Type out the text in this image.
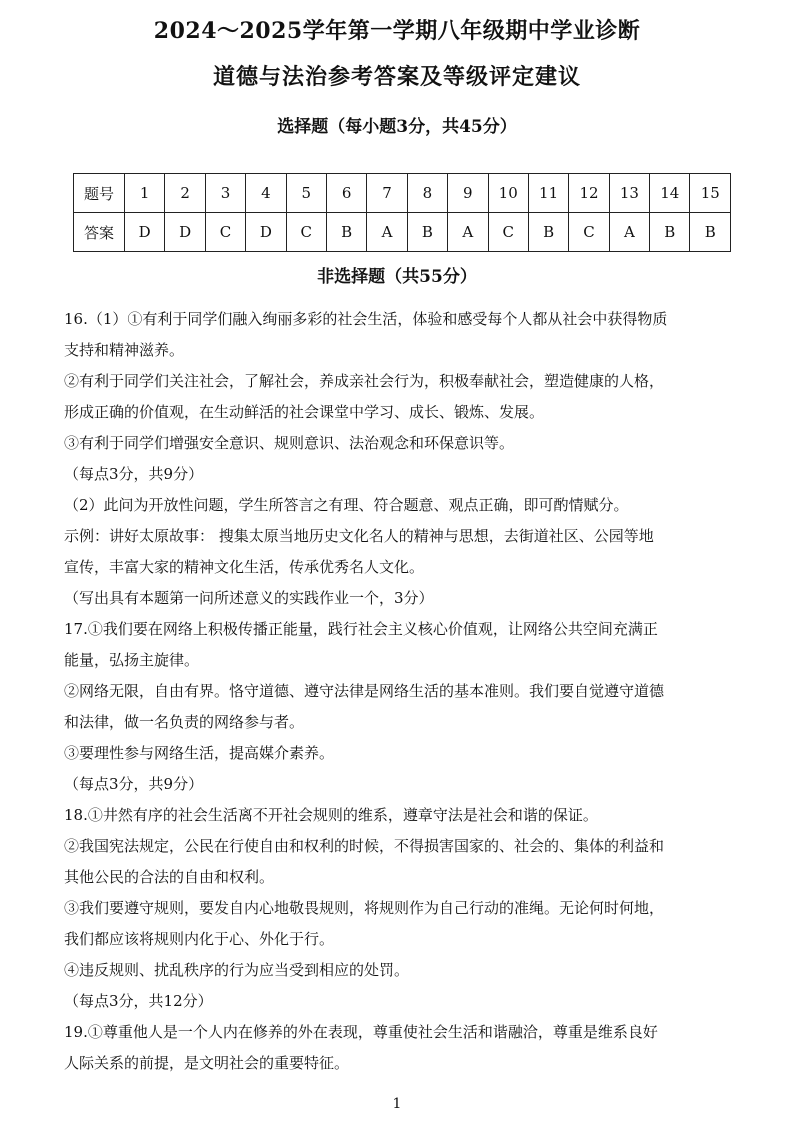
2024～2025学年第一学期八年级期中学业诊断
道德与法治参考答案及等级评定建议
选择题（每小题3分，共45分）
题号	1	2	3	4	5	6	7	8	9	10	11	12	13	14	15
答案	D	D	C	D	C	B	A	B	A	C	B	C	A	B	B
非选择题（共55分）

16.（1）①有利于同学们融入绚丽多彩的社会生活，体验和感受每个人都从社会中获得物质

支持和精神滋养。

②有利于同学们关注社会，了解社会，养成亲社会行为，积极奉献社会，塑造健康的人格，

形成正确的价值观，在生动鲜活的社会课堂中学习、成长、锻炼、发展。

③有利于同学们增强安全意识、规则意识、法治观念和环保意识等。

（每点3分，共9分）

（2）此问为开放性问题，学生所答言之有理、符合题意、观点正确，即可酌情赋分。

示例：讲好太原故事： 搜集太原当地历史文化名人的精神与思想，去街道社区、公园等地

宣传，丰富大家的精神文化生活，传承优秀名人文化。

（写出具有本题第一问所述意义的实践作业一个，3分）

17.①我们要在网络上积极传播正能量，践行社会主义核心价值观，让网络公共空间充满正

能量，弘扬主旋律。

②网络无限，自由有界。恪守道德、遵守法律是网络生活的基本准则。我们要自觉遵守道德

和法律，做一名负责的网络参与者。

③要理性参与网络生活，提高媒介素养。

（每点3分，共9分）

18.①井然有序的社会生活离不开社会规则的维系，遵章守法是社会和谐的保证。

②我国宪法规定，公民在行使自由和权利的时候，不得损害国家的、社会的、集体的利益和

其他公民的合法的自由和权利。

③我们要遵守规则，要发自内心地敬畏规则，将规则作为自己行动的准绳。无论何时何地，

我们都应该将规则内化于心、外化于行。

④违反规则、扰乱秩序的行为应当受到相应的处罚。

（每点3分，共12分）

19.①尊重他人是一个人内在修养的外在表现，尊重使社会生活和谐融洽，尊重是维系良好

人际关系的前提，是文明社会的重要特征。

1
